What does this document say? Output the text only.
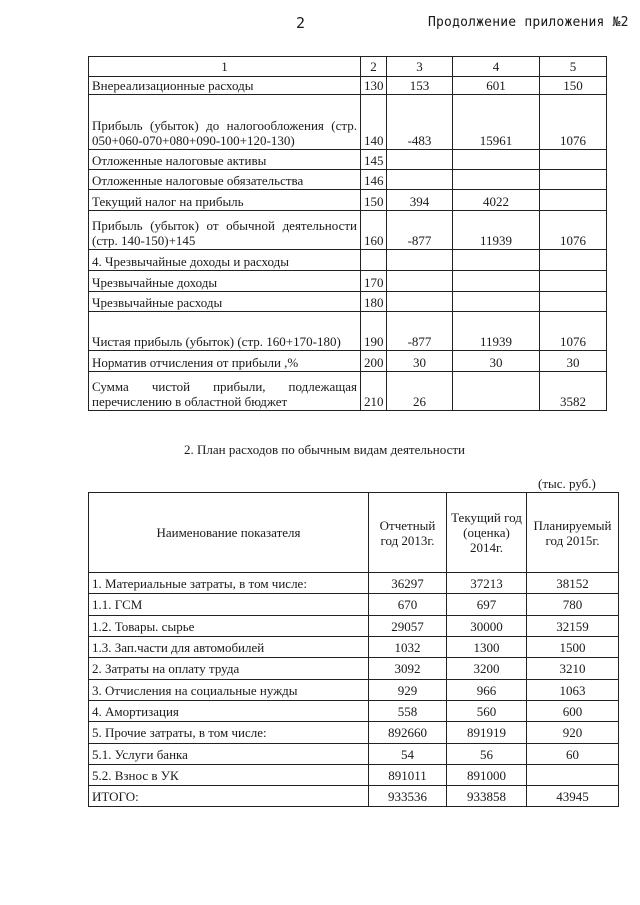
2	Продолжение приложения №2
1	2	3	4	5
Внереализационные расходы	130	153	601	150
Прибыль (убыток) до налогообложения (стр. 050+060-070+080+090-100+120-130)	140	-483	15961	1076
Отложенные налоговые активы	145			
Отложенные налоговые обязательства	146			
Текущий налог на прибыль	150	394	4022	
Прибыль (убыток) от обычной деятельности (стр. 140-150)+145	160	-877	11939	1076
4. Чрезвычайные доходы и расходы				
Чрезвычайные доходы	170			
Чрезвычайные расходы	180			
Чистая прибыль (убыток) (стр. 160+170-180)	190	-877	11939	1076
Норматив отчисления от прибыли ,%	200	30	30	30
Сумма чистой прибыли, подлежащая перечислению в областной бюджет	210	26		3582
2. План расходов по обычным видам деятельности
(тыс. руб.)
Наименование показателя	Отчетный год 2013г.	Текущий год (оценка) 2014г.	Планируемый год 2015г.
1. Материальные затраты, в том числе:	36297	37213	38152
1.1. ГСМ	670	697	780
1.2. Товары. сырье	29057	30000	32159
1.3. Зап.части для автомобилей	1032	1300	1500
2. Затраты на оплату труда	3092	3200	3210
3. Отчисления на социальные нужды	929	966	1063
4. Амортизация	558	560	600
5. Прочие затраты, в том числе:	892660	891919	920
5.1. Услуги банка	54	56	60
5.2. Взнос в УК	891011	891000	
ИТОГО:	933536	933858	43945
